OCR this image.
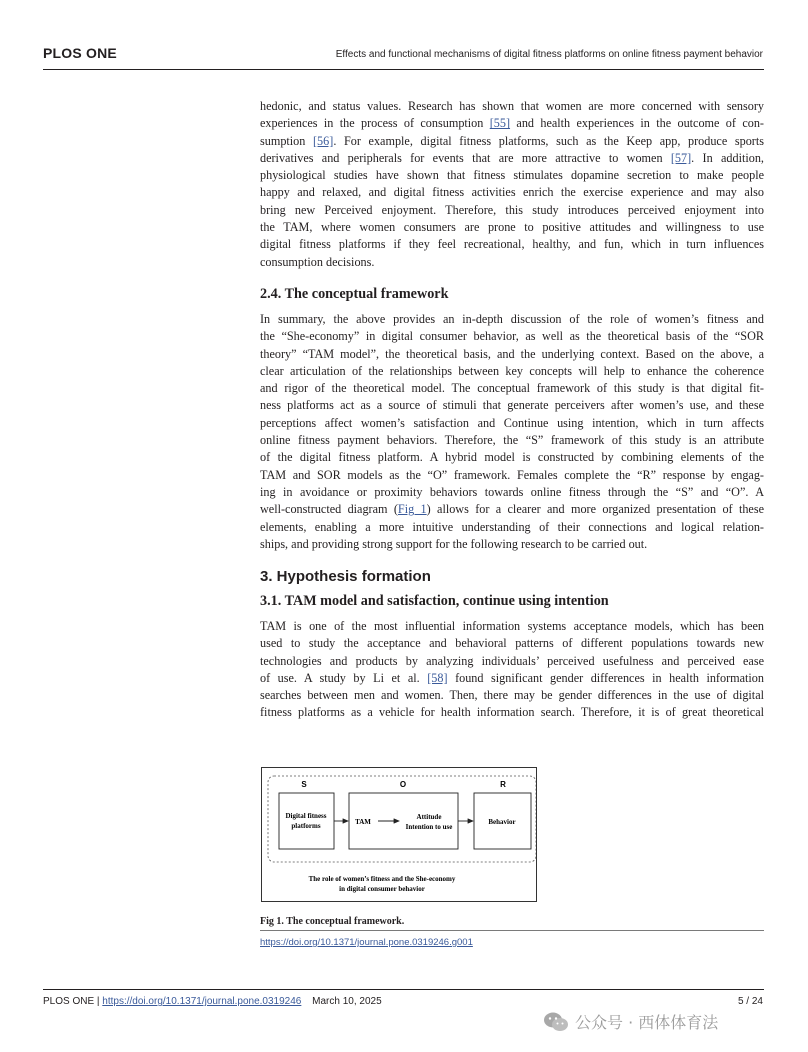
PLOS ONE	Effects and functional mechanisms of digital fitness platforms on online fitness payment behavior

hedonic, and status values. Research has shown that women are more concerned with sensory
experiences in the process of consumption [55] and health experiences in the outcome of con-
sumption [56]. For example, digital fitness platforms, such as the Keep app, produce sports
derivatives and peripherals for events that are more attractive to women [57]. In addition,
physiological studies have shown that fitness stimulates dopamine secretion to make people
happy and relaxed, and digital fitness activities enrich the exercise experience and may also
bring new Perceived enjoyment. Therefore, this study introduces perceived enjoyment into
the TAM, where women consumers are prone to positive attitudes and willingness to use
digital fitness platforms if they feel recreational, healthy, and fun, which in turn influences
consumption decisions.

2.4. The conceptual framework

In summary, the above provides an in-depth discussion of the role of women’s fitness and
the “She-economy” in digital consumer behavior, as well as the theoretical basis of the “SOR
theory” “TAM model”, the theoretical basis, and the underlying context. Based on the above, a
clear articulation of the relationships between key concepts will help to enhance the coherence
and rigor of the theoretical model. The conceptual framework of this study is that digital fit-
ness platforms act as a source of stimuli that generate perceivers after women’s use, and these
perceptions affect women’s satisfaction and Continue using intention, which in turn affects
online fitness payment behaviors. Therefore, the “S” framework of this study is an attribute
of the digital fitness platform. A hybrid model is constructed by combining elements of the
TAM and SOR models as the “O” framework. Females complete the “R” response by engag-
ing in avoidance or proximity behaviors towards online fitness through the “S” and “O”. A
well-constructed diagram (Fig 1) allows for a clearer and more organized presentation of these
elements, enabling a more intuitive understanding of their connections and logical relation-
ships, and providing strong support for the following research to be carried out.

3. Hypothesis formation
3.1. TAM model and satisfaction, continue using intention

TAM is one of the most influential information systems acceptance models, which has been
used to study the acceptance and behavioral patterns of different populations towards new
technologies and products by analyzing individuals’ perceived usefulness and perceived ease
of use. A study by Li et al. [58] found significant gender differences in health information
searches between men and women. Then, there may be gender differences in the use of digital
fitness platforms as a vehicle for health information search. Therefore, it is of great theoretical

S	O	R
Digital fitness
platforms	TAM
Attitude
Intention to use
Behavior
The role of women’s fitness and the She-economy
in digital consumer behavior
Fig 1. The conceptual framework.
https://doi.org/10.1371/journal.pone.0319246.g001
PLOS ONE | https://doi.org/10.1371/journal.pone.0319246 March 10, 2025	5 / 24
公众号 · 西体体育法
